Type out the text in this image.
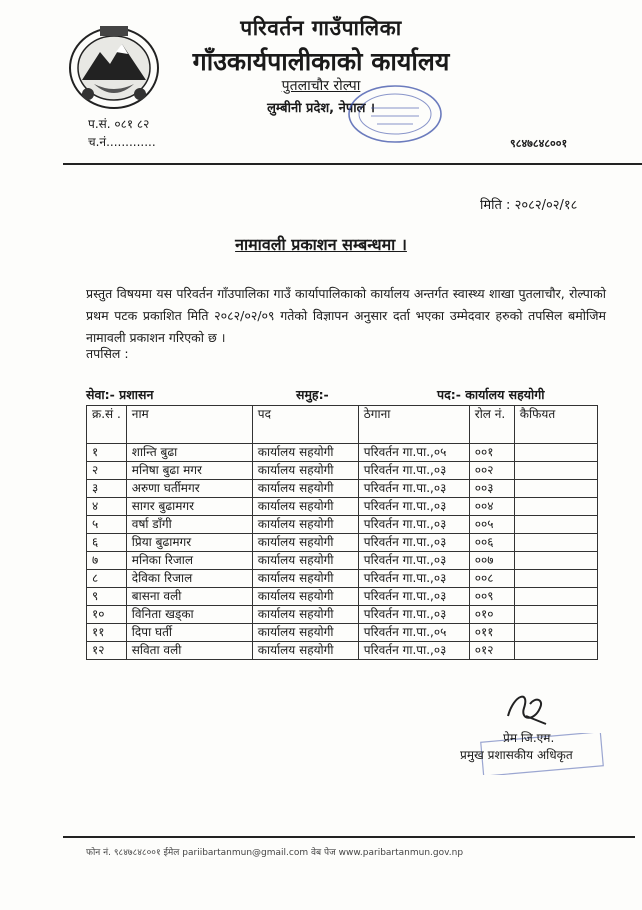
परिवर्तन गाउँपालिका
गाँउकार्यपालीकाको कार्यालय
पुतलाचौर रोल्पा
लुम्बीनी प्रदेश, नेपाल ।
प.सं. ०८१ ८२
च.नं.............	९८४७८४८००१
मिति : २०८२/०२/१८
नामावली प्रकाशन सम्बन्धमा ।
प्रस्तुत विषयमा यस परिवर्तन गाँउपालिका गाउँ कार्यापालिकाको कार्यालय अन्तर्गत स्वास्थ्य शाखा पुतलाचौर, रोल्पाको प्रथम पटक प्रकाशित मिति २०८२/०२/०९ गतेको विज्ञापन अनुसार दर्ता भएका उम्मेदवार हरुको तपसिल बमोजिम नामावली प्रकाशन गरिएको छ ।
तपसिल :
सेवा:- प्रशासन	समुह:-	पद:- कार्यालय सहयोगी
क्र.सं .	नाम	पद	ठेगाना	रोल नं.	कैफियत
१	शान्ति बुढा	कार्यालय सहयोगी	परिवर्तन गा.पा.,०५	००१	
२	मनिषा बुढा मगर	कार्यालय सहयोगी	परिवर्तन गा.पा.,०३	००२	
३	अरुणा घर्तीमगर	कार्यालय सहयोगी	परिवर्तन गा.पा.,०३	००३	
४	सागर बुढामगर	कार्यालय सहयोगी	परिवर्तन गा.पा.,०३	००४	
५	वर्षा डाँगी	कार्यालय सहयोगी	परिवर्तन गा.पा.,०३	००५	
६	प्रिया बुढामगर	कार्यालय सहयोगी	परिवर्तन गा.पा.,०३	००६	
७	मनिका रिजाल	कार्यालय सहयोगी	परिवर्तन गा.पा.,०३	००७	
८	देविका रिजाल	कार्यालय सहयोगी	परिवर्तन गा.पा.,०३	००८	
९	बासना वली	कार्यालय सहयोगी	परिवर्तन गा.पा.,०३	००९	
१०	विनिता खड्का	कार्यालय सहयोगी	परिवर्तन गा.पा.,०३	०१०	
११	दिपा घर्ती	कार्यालय सहयोगी	परिवर्तन गा.पा.,०५	०११	
१२	सविता वली	कार्यालय सहयोगी	परिवर्तन गा.पा.,०३	०१२	
प्रेम जि.एम.
प्रमुख प्रशासकीय अधिकृत
फोन नं. ९८४७८४८००१ ईमेल pariibartanmun@gmail.com वेब पेज www.paribartanmun.gov.np
